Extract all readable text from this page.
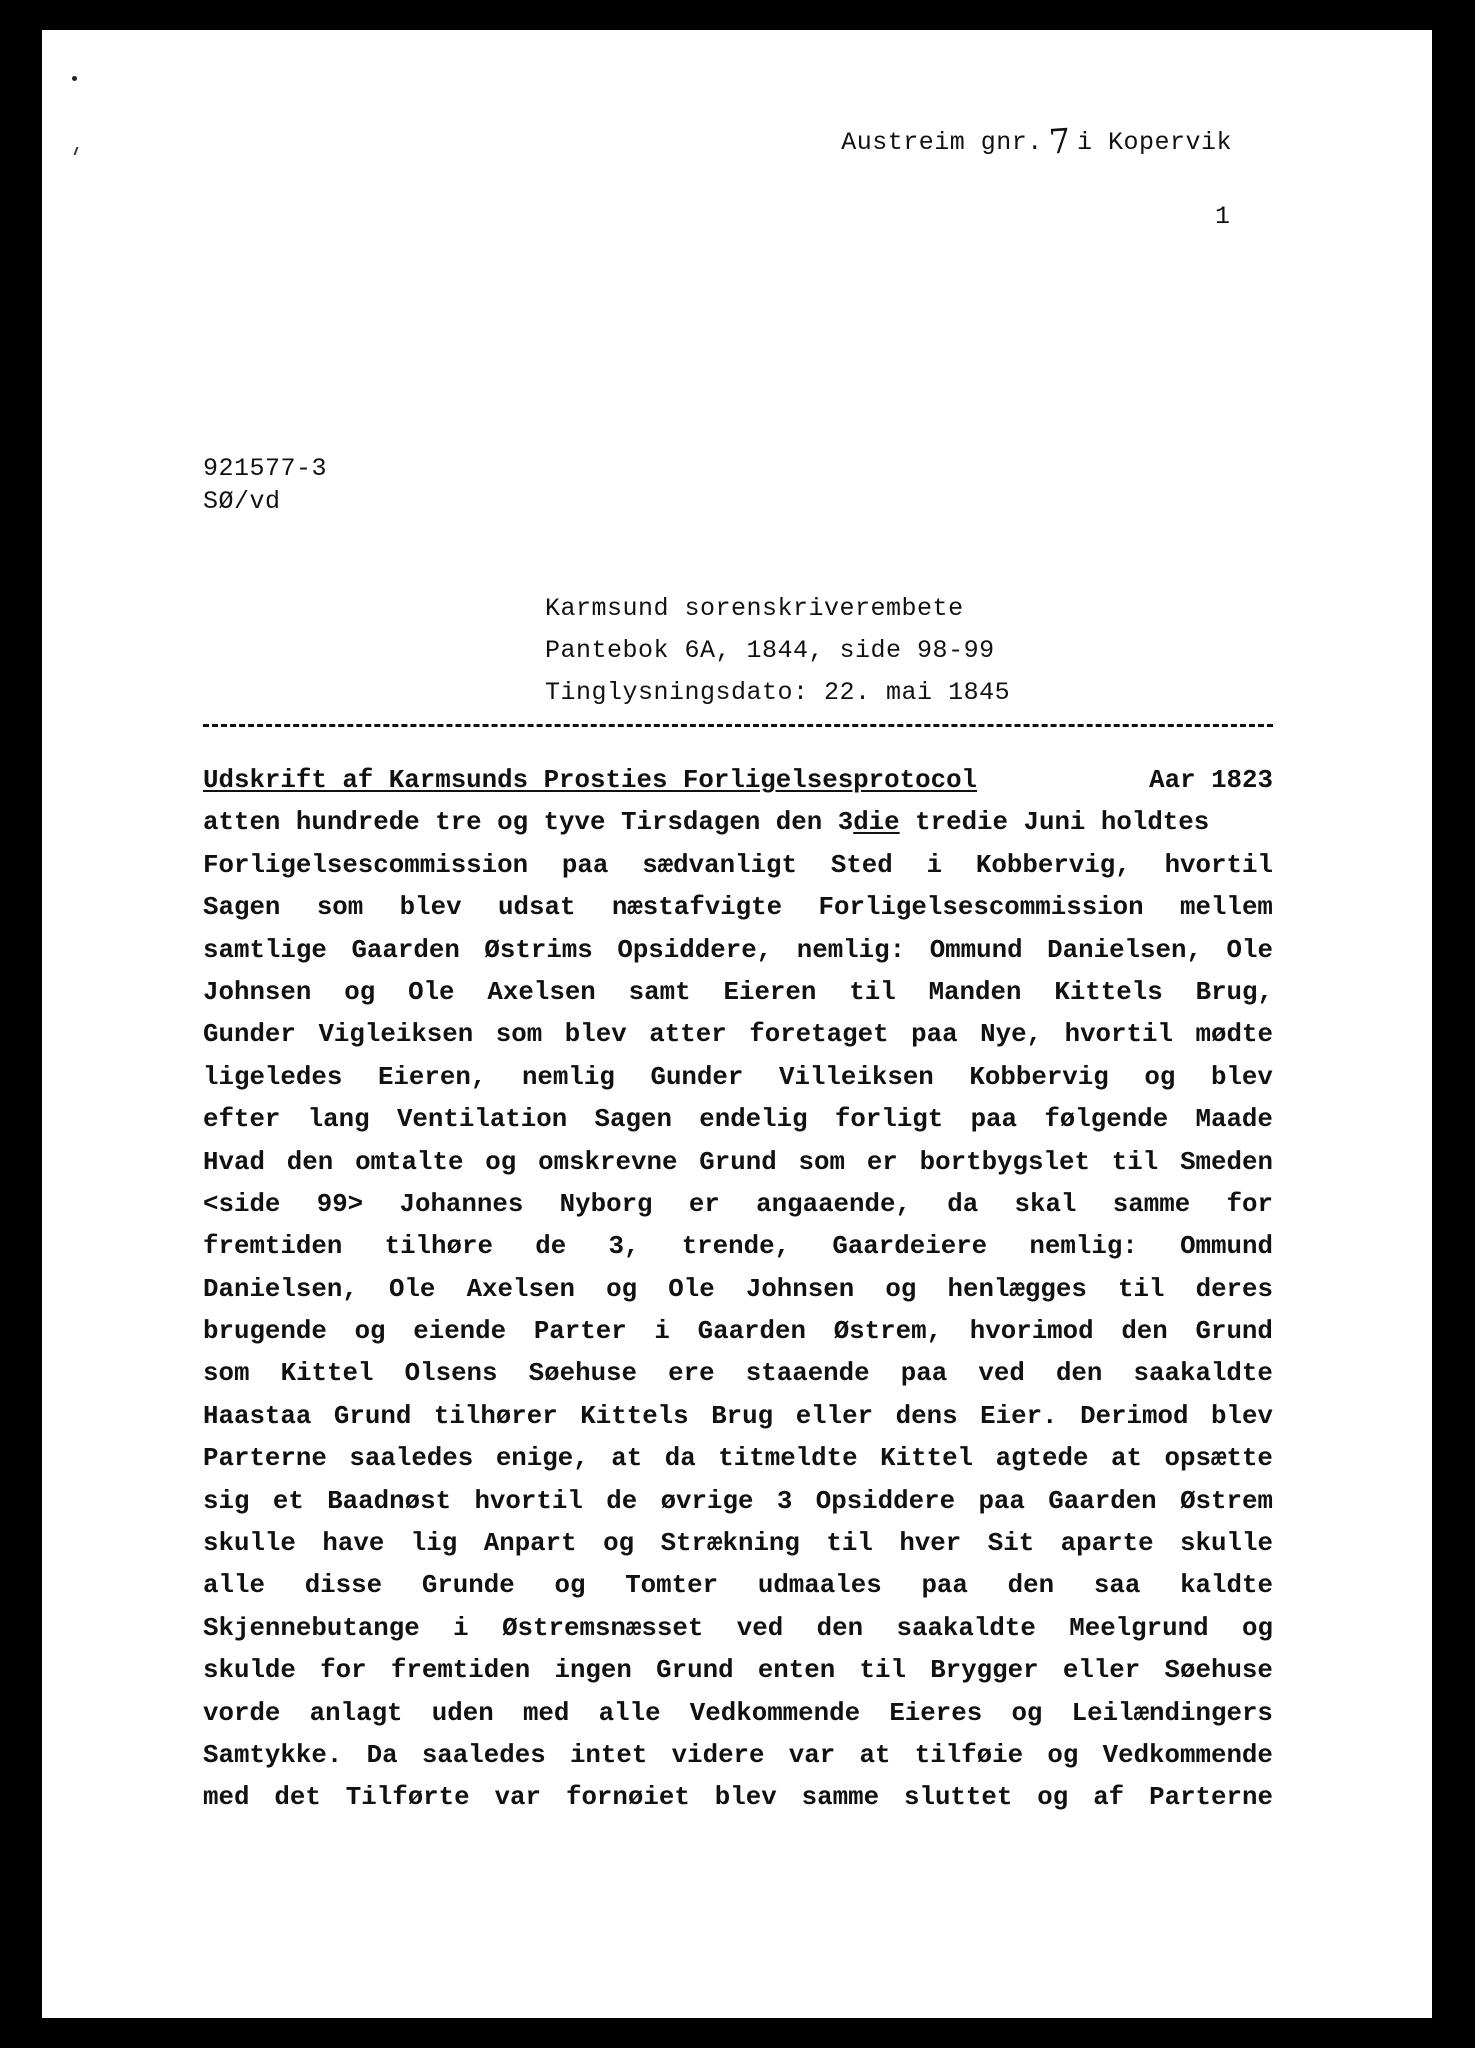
Austreim gnr. 7 i Kopervik
1
921577-3
SØ/vd
Karmsund sorenskriverembete
Pantebok 6A, 1844, side 98-99
Tinglysningsdato: 22. mai 1845
Udskrift af Karmsunds Prosties Forligelsesprotocol	Aar 1823
atten hundrede tre og tyve Tirsdagen den 3die tredie Juni holdtes
Forligelsescommission paa sædvanligt Sted i Kobbervig, hvortil
Sagen som blev udsat næstafvigte Forligelsescommission mellem
samtlige Gaarden Østrims Opsiddere, nemlig: Ommund Danielsen, Ole
Johnsen og Ole Axelsen samt Eieren til Manden Kittels Brug,
Gunder Vigleiksen som blev atter foretaget paa Nye, hvortil mødte
ligeledes Eieren, nemlig Gunder Villeiksen Kobbervig og blev
efter lang Ventilation Sagen endelig forligt paa følgende Maade
Hvad den omtalte og omskrevne Grund som er bortbygslet til Smeden
<side 99> Johannes Nyborg er angaaende, da skal samme for
fremtiden tilhøre de 3, trende, Gaardeiere nemlig: Ommund
Danielsen, Ole Axelsen og Ole Johnsen og henlægges til deres
brugende og eiende Parter i Gaarden Østrem, hvorimod den Grund
som Kittel Olsens Søehuse ere staaende paa ved den saakaldte
Haastaa Grund tilhører Kittels Brug eller dens Eier. Derimod blev
Parterne saaledes enige, at da titmeldte Kittel agtede at opsætte
sig et Baadnøst hvortil de øvrige 3 Opsiddere paa Gaarden Østrem
skulle have lig Anpart og Strækning til hver Sit aparte skulle
alle disse Grunde og Tomter udmaales paa den saa kaldte
Skjennebutange i Østremsnæsset ved den saakaldte Meelgrund og
skulde for fremtiden ingen Grund enten til Brygger eller Søehuse
vorde anlagt uden med alle Vedkommende Eieres og Leilændingers
Samtykke. Da saaledes intet videre var at tilføie og Vedkommende
med det Tilførte var fornøiet blev samme sluttet og af Parterne
